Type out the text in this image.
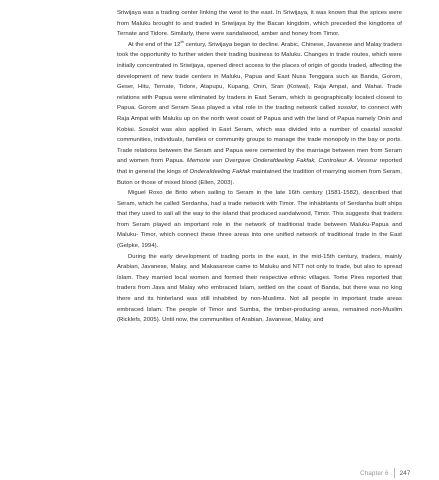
Sriwijaya was a trading center linking the west to the east. In Sriwijaya, it was known that the spices were from Maluku brought to and traded in Sriwijaya by the Bacan kingdom, which preceded the kingdoms of Ternate and Tidore. Similarly, there were sandalwood, amber and honey from Timor.

At the end of the 12th century, Sriwijaya began to decline. Arabic, Chinese, Javanese and Malay traders took the opportunity to further widen their trading business to Maluku. Changes in trade routes, which were initially concentrated in Sriwijaya, opened direct access to the places of origin of goods traded, affecting the development of new trade centers in Maluku, Papua and East Nusa Tenggara such as Banda, Gorom, Geser, Hitu, Ternate, Tidore, Atapupu, Kupang, Onin, Sran (Koiwai), Raja Ampat, and Wahai. Trade relations with Papua were eliminated by traders in East Seram, which is geographically located closest to Papua. Gorom and Seram Seas played a vital role in the trading network called sosolot, to connect with Raja Ampat with Maluku up on the north west coast of Papua and with the land of Papua namely Onin and Kobiai. Sosolot was also applied in East Seram, which was divided into a number of coastal sosolot communities, individuals, families or community groups to manage the trade monopoly in the bay or ports. Trade relations between the Seram and Papua were cemented by the marriage between men from Seram and women from Papua. Memorie van Overgave Onderafdeeling Fakfak, Controleur A. Vessrur reported that in general the kings of Onderafdeeling Fakfak maintained the tradition of marrying women from Seram, Buton or those of mixed blood (Ellen, 2003).

Miguel Roxo de Brito when sailing to Seram in the late 16th century (1581-1582), described that Seram, which he called Serdanha, had a trade network with Timor. The inhabitants of Serdanha built ships that they used to sail all the way to the island that produced sandalwood, Timor. This suggests that traders from Seram played an important role in the network of traditional trade between Maluku-Papua and Maluku- Timor, which connect these three areas into one unified network of traditional trade in the East (Gelpke, 1994).

During the early development of trading ports in the east, in the mid-15th century, traders, mainly Arabian, Javanese, Malay, and Makasarese came to Maluku and NTT not only to trade, but also to spread Islam. They married local women and formed their respective ethnic villages. Tome Pires reported that traders from Java and Malay who embraced Islam, settled on the coast of Banda, but there was no king there and its hinterland was still inhabited by non-Muslims. Not all people in important trade areas embraced Islam. The people of Timor and Sumba, the timber-producing areas, remained non-Muslim (Ricklefs, 2005). Until now, the communities of Arabian, Javanese, Malay, and

Chapter 6	247
